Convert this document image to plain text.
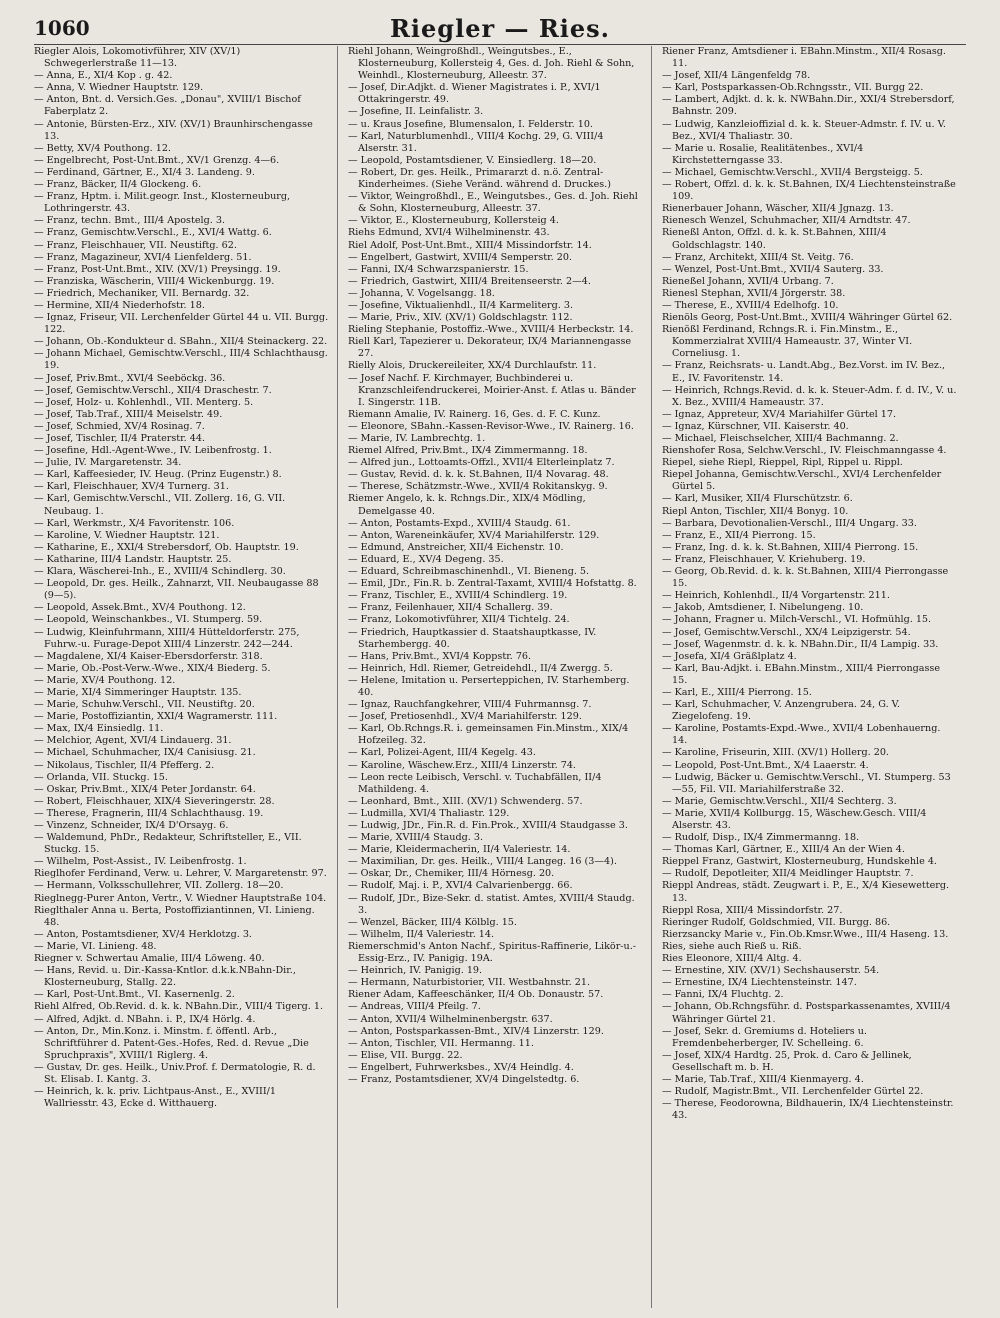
1060	Riegler — Ries.
Riegler Alois, Lokomotivführer, XIV (XV/1) Schwegerlerstraße 11—13.
— Anna, E., XI/4 Kop . g. 42.
— Anna, V. Wiedner Hauptstr. 129.
— Anton, Bnt. d. Versich.Ges. „Donau", XVIII/1 Bischof Faberplatz 2.
— Antonie, Bürsten-Erz., XIV. (XV/1) Braunhirschengasse 13.
— Betty, XV/4 Pouthong. 12.
— Engelbrecht, Post-Unt.Bmt., XV/1 Grenzg. 4—6.
— Ferdinand, Gärtner, E., XI/4 3. Landeng. 9.
— Franz, Bäcker, II/4 Glockeng. 6.
— Franz, Hptm. i. Milit.geogr. Inst., Klosterneuburg, Lothringerstr. 43.
— Franz, techn. Bmt., III/4 Apostelg. 3.
— Franz, Gemischtw.Verschl., E., XVI/4 Wattg. 6.
— Franz, Fleischhauer, VII. Neustiftg. 62.
— Franz, Magazineur, XVI/4 Lienfelderg. 51.
— Franz, Post-Unt.Bmt., XIV. (XV/1) Preysingg. 19.
— Franziska, Wäscherin, VIII/4 Wickenburgg. 19.
— Friedrich, Mechaniker, VII. Bernardg. 32.
— Hermine, XII/4 Niederhofstr. 18.
— Ignaz, Friseur, VII. Lerchenfelder Gürtel 44 u. VII. Burgg. 122.
— Johann, Ob.-Kondukteur d. SBahn., XII/4 Steinackerg. 22.
— Johann Michael, Gemischtw.Verschl., III/4 Schlachthausg. 19.
— Josef, Priv.Bmt., XVI/4 Seeböckg. 36.
— Josef, Gemischtw.Verschl., XII/4 Draschestr. 7.
— Josef, Holz- u. Kohlenhdl., VII. Menterg. 5.
— Josef, Tab.Traf., XIII/4 Meiselstr. 49.
— Josef, Schmied, XV/4 Rosinag. 7.
— Josef, Tischler, II/4 Praterstr. 44.
— Josefine, Hdl.-Agent-Wwe., IV. Leibenfrostg. 1.
— Julie, IV. Margaretenstr. 34.
— Karl, Kaffeesieder, IV. Heug. (Prinz Eugenstr.) 8.
— Karl, Fleischhauer, XV/4 Turnerg. 31.
— Karl, Gemischtw.Verschl., VII. Zollerg. 16, G. VII. Neubaug. 1.
— Karl, Werkmstr., X/4 Favoritenstr. 106.
— Karoline, V. Wiedner Hauptstr. 121.
— Katharine, E., XXI/4 Strebersdorf, Ob. Hauptstr. 19.
— Katharine, III/4 Landstr. Hauptstr. 25.
— Klara, Wäscherei-Inh., E., XVIII/4 Schindlerg. 30.
— Leopold, Dr. ges. Heilk., Zahnarzt, VII. Neubaugasse 88 (9—5).
— Leopold, Assek.Bmt., XV/4 Pouthong. 12.
— Leopold, Weinschankbes., VI. Stumperg. 59.
— Ludwig, Kleinfuhrmann, XIII/4 Hütteldorferstr. 275, Fuhrw.-u. Furage-Depot XIII/4 Linzerstr. 242—244.
— Magdalene, XI/4 Kaiser-Ebersdorferstr. 318.
— Marie, Ob.-Post-Verw.-Wwe., XIX/4 Biederg. 5.
— Marie, XV/4 Pouthong. 12.
— Marie, XI/4 Simmeringer Hauptstr. 135.
— Marie, Schuhw.Verschl., VII. Neustiftg. 20.
— Marie, Postoffiziantin, XXI/4 Wagramerstr. 111.
— Max, IX/4 Einsiedlg. 11.
— Melchior, Agent, XVI/4 Lindauerg. 31.
— Michael, Schuhmacher, IX/4 Canisiusg. 21.
— Nikolaus, Tischler, II/4 Pfefferg. 2.
— Orlanda, VII. Stuckg. 15.
— Oskar, Priv.Bmt., XIX/4 Peter Jordanstr. 64.
— Robert, Fleischhauer, XIX/4 Sieveringerstr. 28.
— Therese, Fragnerin, III/4 Schlachthausg. 19.
— Vinzenz, Schneider, IX/4 D'Orsayg. 6.
— Waldemund, PhDr., Redakteur, Schriftsteller, E., VII. Stuckg. 15.
— Wilhelm, Post-Assist., IV. Leibenfrostg. 1.
Rieglhofer Ferdinand, Verw. u. Lehrer, V. Margaretenstr. 97.
— Hermann, Volksschullehrer, VII. Zollerg. 18—20.
Rieglnegg-Purer Anton, Vertr., V. Wiedner Hauptstraße 104.
Rieglthaler Anna u. Berta, Postoffiziantinnen, VI. Linieng. 48.
— Anton, Postamtsdiener, XV/4 Herklotzg. 3.
— Marie, VI. Linieng. 48.
Riegner v. Schwertau Amalie, III/4 Löweng. 40.
— Hans, Revid. u. Dir.-Kassa-Kntlor. d.k.k.NBahn-Dir., Klosterneuburg, Stallg. 22.
— Karl, Post-Unt.Bmt., VI. Kasernenlg. 2.
Riehl Alfred, Ob.Revid. d. k. k. NBahn.Dir., VIII/4 Tigerg. 1.
— Alfred, Adjkt. d. NBahn. i. P., IX/4 Hörlg. 4.
— Anton, Dr., Min.Konz. i. Minstm. f. öffentl. Arb., Schriftführer d. Patent-Ges.-Hofes, Red. d. Revue „Die Spruchpraxis", XVIII/1 Riglerg. 4.
— Gustav, Dr. ges. Heilk., Univ.Prof. f. Dermatologie, R. d. St. Elisab. I. Kantg. 3.
— Heinrich, k. k. priv. Lichtpaus-Anst., E., XVIII/1 Wallriesstr. 43, Ecke d. Witthauerg.
Riehl Johann, Weingroßhdl., Weingutsbes., E., Klosterneuburg, Kollersteig 4, Ges. d. Joh. Riehl & Sohn, Weinhdl., Klosterneuburg, Alleestr. 37.
— Josef, Dir.Adjkt. d. Wiener Magistrates i. P., XVI/1 Ottakringerstr. 49.
— Josefine, II. Leinfalistr. 3.
— u. Kraus Josefine, Blumensalon, I. Felderstr. 10.
— Karl, Naturblumenhdl., VIII/4 Kochg. 29, G. VIII/4 Alserstr. 31.
— Leopold, Postamtsdiener, V. Einsiedlerg. 18—20.
— Robert, Dr. ges. Heilk., Primararzt d. n.ö. Zentral-Kinderheimes. (Siehe Veränd. während d. Druckes.)
— Viktor, Weingroßhdl., E., Weingutsbes., Ges. d. Joh. Riehl & Sohn, Klosterneuburg, Alleestr. 37.
— Viktor, E., Klosterneuburg, Kollersteig 4.
Riehs Edmund, XVI/4 Wilhelminenstr. 43.
Riel Adolf, Post-Unt.Bmt., XIII/4 Missindorfstr. 14.
— Engelbert, Gastwirt, XVIII/4 Semperstr. 20.
— Fanni, IX/4 Schwarzspanierstr. 15.
— Friedrich, Gastwirt, XIII/4 Breitenseerstr. 2—4.
— Johanna, V. Vogelsangg. 18.
— Josefine, Viktualienhdl., II/4 Karmeliterg. 3.
— Marie, Priv., XIV. (XV/1) Goldschlagstr. 112.
Rieling Stephanie, Postoffiz.-Wwe., XVIII/4 Herbeckstr. 14.
Riell Karl, Tapezierer u. Dekorateur, IX/4 Mariannengasse 27.
Rielly Alois, Druckereileiter, XX/4 Durchlaufstr. 11.
— Josef Nachf. F. Kirchmayer, Buchbinderei u. Kranzschleifendruckerei, Moirier-Anst. f. Atlas u. Bänder I. Singerstr. 11B.
Riemann Amalie, IV. Rainerg. 16, Ges. d. F. C. Kunz.
— Eleonore, SBahn.-Kassen-Revisor-Wwe., IV. Rainerg. 16.
— Marie, IV. Lambrechtg. 1.
Riemel Alfred, Priv.Bmt., IX/4 Zimmermanng. 18.
— Alfred jun., Lottoamts-Offzl., XVII/4 Elterleinplatz 7.
— Gustav, Revid. d. k. k. St.Bahnen, II/4 Novarag. 48.
— Therese, Schätzmstr.-Wwe., XVII/4 Rokitanskyg. 9.
Riemer Angelo, k. k. Rchngs.Dir., XIX/4 Mödling, Demelgasse 40.
— Anton, Postamts-Expd., XVIII/4 Staudg. 61.
— Anton, Wareneinkäufer, XV/4 Mariahilferstr. 129.
— Edmund, Anstreicher, XII/4 Eichenstr. 10.
— Eduard, E., XV/4 Degeng. 35.
— Eduard, Schreibmaschinenhdl., VI. Bieneng. 5.
— Emil, JDr., Fin.R. b. Zentral-Taxamt, XVIII/4 Hofstattg. 8.
— Franz, Tischler, E., XVIII/4 Schindlerg. 19.
— Franz, Feilenhauer, XII/4 Schallerg. 39.
— Franz, Lokomotivführer, XII/4 Tichtelg. 24.
— Friedrich, Hauptkassier d. Staatshauptkasse, IV. Starhembergg. 40.
— Hans, Priv.Bmt., XVI/4 Koppstr. 76.
— Heinrich, Hdl. Riemer, Getreidehdl., II/4 Zwergg. 5.
— Helene, Imitation u. Perserteppichen, IV. Starhemberg. 40.
— Ignaz, Rauchfangkehrer, VIII/4 Fuhrmannsg. 7.
— Josef, Pretiosenhdl., XV/4 Mariahilferstr. 129.
— Karl, Ob.Rchngs.R. i. gemeinsamen Fin.Minstm., XIX/4 Hofzeileg. 32.
— Karl, Polizei-Agent, III/4 Kegelg. 43.
— Karoline, Wäschew.Erz., XIII/4 Linzerstr. 74.
— Leon recte Leibisch, Verschl. v. Tuchabfällen, II/4 Mathildeng. 4.
— Leonhard, Bmt., XIII. (XV/1) Schwenderg. 57.
— Ludmilla, XVI/4 Thaliastr. 129.
— Ludwig, JDr., Fin.R. d. Fin.Prok., XVIII/4 Staudgasse 3.
— Marie, XVIII/4 Staudg. 3.
— Marie, Kleidermacherin, II/4 Valeriestr. 14.
— Maximilian, Dr. ges. Heilk., VIII/4 Langeg. 16 (3—4).
— Oskar, Dr., Chemiker, III/4 Hörnesg. 20.
— Rudolf, Maj. i. P., XVI/4 Calvarienbergg. 66.
— Rudolf, JDr., Bize-Sekr. d. statist. Amtes, XVIII/4 Staudg. 3.
— Wenzel, Bäcker, III/4 Kölblg. 15.
— Wilhelm, II/4 Valeriestr. 14.
Riemerschmid's Anton Nachf., Spiritus-Raffinerie, Likör-u.-Essig-Erz., IV. Panigig. 19A.
— Heinrich, IV. Panigig. 19.
— Hermann, Naturbistorier, VII. Westbahnstr. 21.
Riener Adam, Kaffeeschänker, II/4 Ob. Donaustr. 57.
— Andreas, VIII/4 Pfeilg. 7.
— Anton, XVII/4 Wilhelminenbergstr. 637.
— Anton, Postsparkassen-Bmt., XIV/4 Linzerstr. 129.
— Anton, Tischler, VII. Hermanng. 11.
— Elise, VII. Burgg. 22.
— Engelbert, Fuhrwerksbes., XV/4 Heindlg. 4.
— Franz, Postamtsdiener, XV/4 Dingelstedtg. 6.
Riener Franz, Amtsdiener i. EBahn.Minstm., XII/4 Rosasg. 11.
— Josef, XII/4 Längenfeldg 78.
— Karl, Postsparkassen-Ob.Rchngsstr., VII. Burgg 22.
— Lambert, Adjkt. d. k. k. NWBahn.Dir., XXI/4 Strebersdorf, Bahnstr. 209.
— Ludwig, Kanzleioffizial d. k. k. Steuer-Admstr. f. IV. u. V. Bez., XVI/4 Thaliastr. 30.
— Marie u. Rosalie, Realitätenbes., XVI/4 Kirchstetterngasse 33.
— Michael, Gemischtw.Verschl., XVII/4 Bergsteigg. 5.
— Robert, Offzl. d. k. k. St.Bahnen, IX/4 Liechtensteinstraße 109.
Rienerbauer Johann, Wäscher, XII/4 Jgnazg. 13.
Rienesch Wenzel, Schuhmacher, XII/4 Arndtstr. 47.
Rieneßl Anton, Offzl. d. k. k. St.Bahnen, XIII/4 Goldschlagstr. 140.
— Franz, Architekt, XIII/4 St. Veitg. 76.
— Wenzel, Post-Unt.Bmt., XVII/4 Sauterg. 33.
Rieneßel Johann, XVII/4 Urbang. 7.
Rienesl Stephan, XVII/4 Jörgerstr. 38.
— Therese, E., XVIII/4 Edelhofg. 10.
Rienöls Georg, Post-Unt.Bmt., XVIII/4 Währinger Gürtel 62.
Rienößl Ferdinand, Rchngs.R. i. Fin.Minstm., E., Kommerzialrat XVIII/4 Hameaustr. 37, Winter VI. Corneliusg. 1.
— Franz, Reichsrats- u. Landt.Abg., Bez.Vorst. im IV. Bez., E., IV. Favoritenstr. 14.
— Heinrich, Rchngs.Revid. d. k. k. Steuer-Adm. f. d. IV., V. u. X. Bez., XVIII/4 Hameaustr. 37.
— Ignaz, Appreteur, XV/4 Mariahilfer Gürtel 17.
— Ignaz, Kürschner, VII. Kaiserstr. 40.
— Michael, Fleischselcher, XIII/4 Bachmanng. 2.
Rienshofer Rosa, Selchw.Verschl., IV. Fleischmanngasse 4.
Riepel, siehe Riepl, Rieppel, Ripl, Rippel u. Rippl.
Riepel Johanna, Gemischtw.Verschl., XVI/4 Lerchenfelder Gürtel 5.
— Karl, Musiker, XII/4 Flurschützstr. 6.
Riepl Anton, Tischler, XII/4 Bonyg. 10.
— Barbara, Devotionalien-Verschl., III/4 Ungarg. 33.
— Franz, E., XII/4 Pierrong. 15.
— Franz, Ing. d. k. k. St.Bahnen, XIII/4 Pierrong. 15.
— Franz, Fleischhauer, V. Kriehuberg. 19.
— Georg, Ob.Revid. d. k. k. St.Bahnen, XIII/4 Pierrongasse 15.
— Heinrich, Kohlenhdl., II/4 Vorgartenstr. 211.
— Jakob, Amtsdiener, I. Nibelungeng. 10.
— Johann, Fragner u. Milch-Verschl., VI. Hofmühlg. 15.
— Josef, Gemischtw.Verschl., XX/4 Leipzigerstr. 54.
— Josef, Wagenmstr. d. k. k. NBahn.Dir., II/4 Lampig. 33.
— Josefa, XI/4 Gräßlplatz 4.
— Karl, Bau-Adjkt. i. EBahn.Minstm., XIII/4 Pierrongasse 15.
— Karl, E., XIII/4 Pierrong. 15.
— Karl, Schuhmacher, V. Anzengrubera. 24, G. V. Ziegelofeng. 19.
— Karoline, Postamts-Expd.-Wwe., XVII/4 Lobenhauerng. 14.
— Karoline, Friseurin, XIII. (XV/1) Hollerg. 20.
— Leopold, Post-Unt.Bmt., X/4 Laaerstr. 4.
— Ludwig, Bäcker u. Gemischtw.Verschl., VI. Stumperg. 53—55, Fil. VII. Mariahilferstraße 32.
— Marie, Gemischtw.Verschl., XII/4 Sechterg. 3.
— Marie, XVII/4 Kollburgg. 15, Wäschew.Gesch. VIII/4 Alserstr. 43.
— Rudolf, Disp., IX/4 Zimmermanng. 18.
— Thomas Karl, Gärtner, E., XIII/4 An der Wien 4.
Rieppel Franz, Gastwirt, Klosterneuburg, Hundskehle 4.
— Rudolf, Depotleiter, XII/4 Meidlinger Hauptstr. 7.
Rieppl Andreas, städt. Zeugwart i. P., E., X/4 Kiesewetterg. 13.
Rieppl Rosa, XIII/4 Missindorfstr. 27.
Rieringer Rudolf, Goldschmied, VII. Burgg. 86.
Rierzsancky Marie v., Fin.Ob.Kmsr.Wwe., III/4 Haseng. 13.
Ries, siehe auch Rieß u. Riß.
Ries Eleonore, XIII/4 Altg. 4.
— Ernestine, XIV. (XV/1) Sechshauserstr. 54.
— Ernestine, IX/4 Liechtensteinstr. 147.
— Fanni, IX/4 Fluchtg. 2.
— Johann, Ob.Rchngsführ. d. Postsparkassenamtes, XVIII/4 Währinger Gürtel 21.
— Josef, Sekr. d. Gremiums d. Hoteliers u. Fremdenbeherberger, IV. Schelleing. 6.
— Josef, XIX/4 Hardtg. 25, Prok. d. Caro & Jellinek, Gesellschaft m. b. H.
— Marie, Tab.Traf., XIII/4 Kienmayerg. 4.
— Rudolf, Magistr.Bmt., VII. Lerchenfelder Gürtel 22.
— Therese, Feodorowna, Bildhauerin, IX/4 Liechtensteinstr. 43.
